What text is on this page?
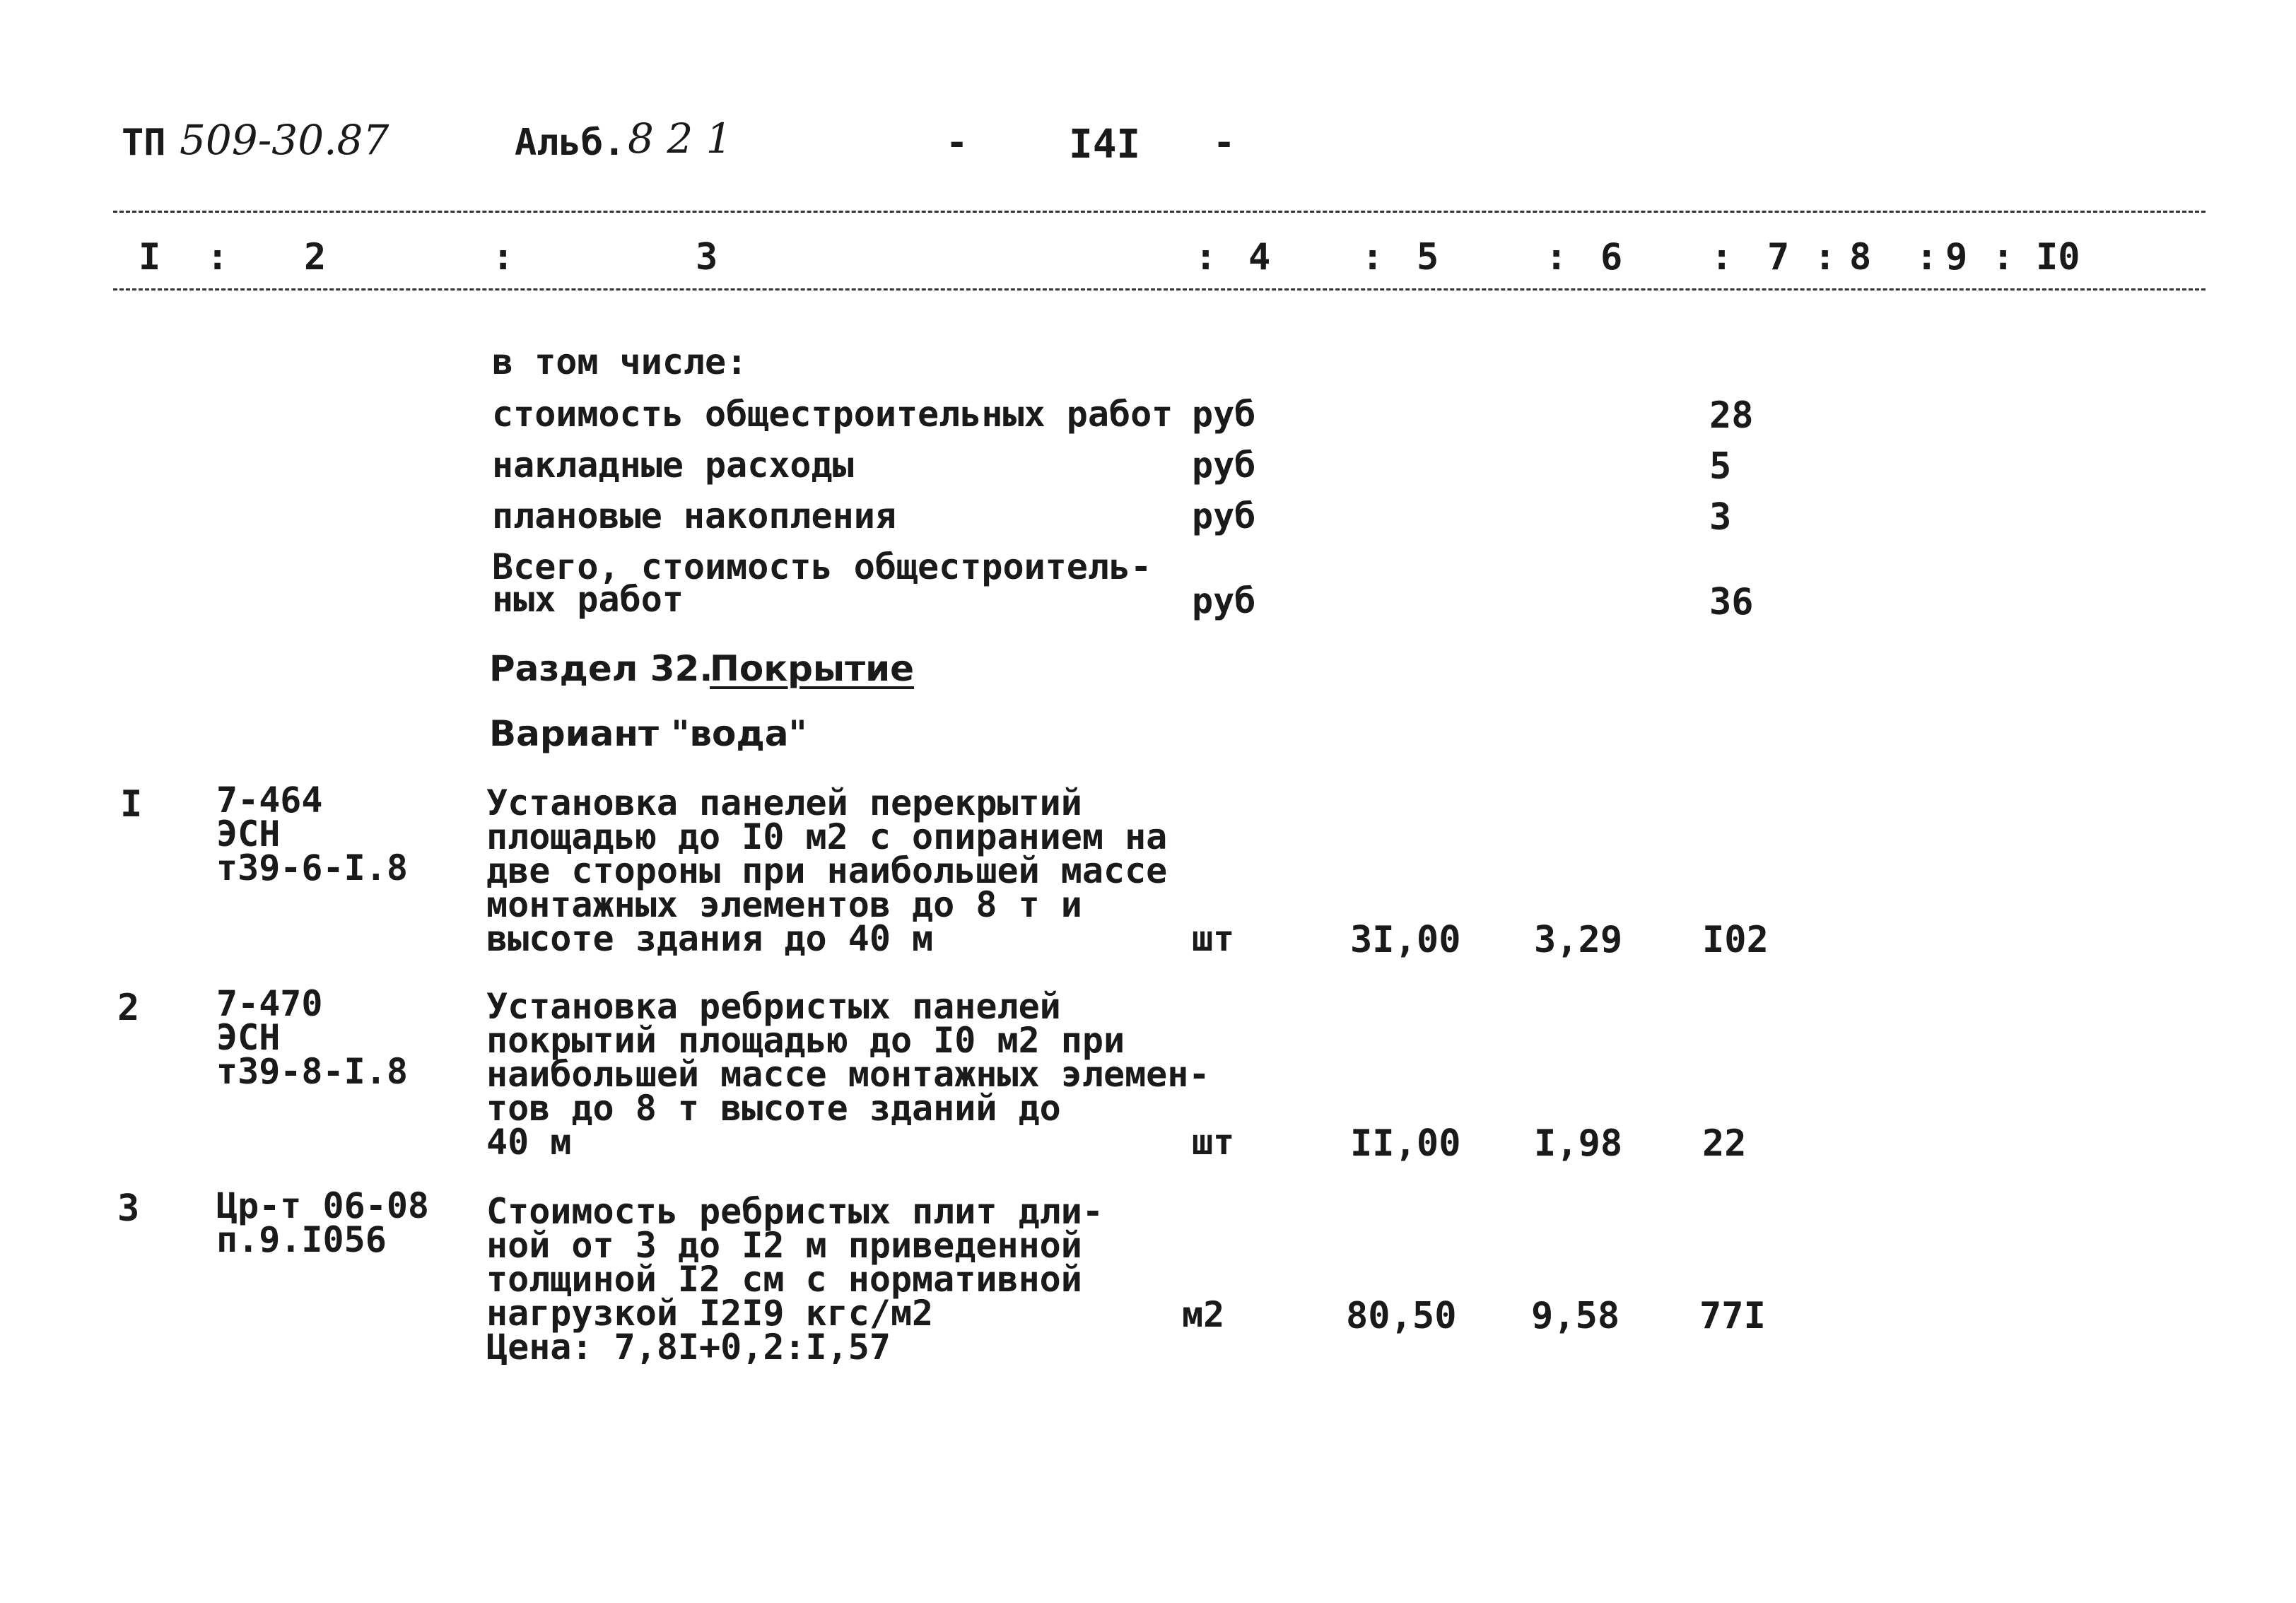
ТП 509-30.87	Альб. 8 2 1	-	I4I -
I : 2	:	3	: 4 : 5	: 6 : 7 : 8 : 9 : I0
в том числе:
стоимость общестроительных работ руб	28
накладные расходы	руб	5
плановые накопления	руб	3
Всего, стоимость общестроитель-
ных работ	руб	36
Раздел 32.
Покрытие
Вариант "вода"
I 7-464
ЭСН
т39-6-I.8
Установка панелей перекрытий
площадью до I0 м2 с опиранием на
две стороны при наибольшей массе
монтажных элементов до 8 т и
высоте здания до 40 м	шт	3I,00 3,29 I02
2 7-470
ЭСН
т39-8-I.8
Установка ребристых панелей
покрытий площадью до I0 м2 при
наибольшей массе монтажных элемен-
тов до 8 т высоте зданий до
40 м	шт	II,00 I,98 22
3 Цр-т 06-08
п.9.I056
Стоимость ребристых плит дли-
ной от 3 до I2 м приведенной
толщиной I2 см с нормативной
нагрузкой I2I9 кгс/м2
Цена: 7,8I+0,2:I,57
м2	80,50 9,58 77I
